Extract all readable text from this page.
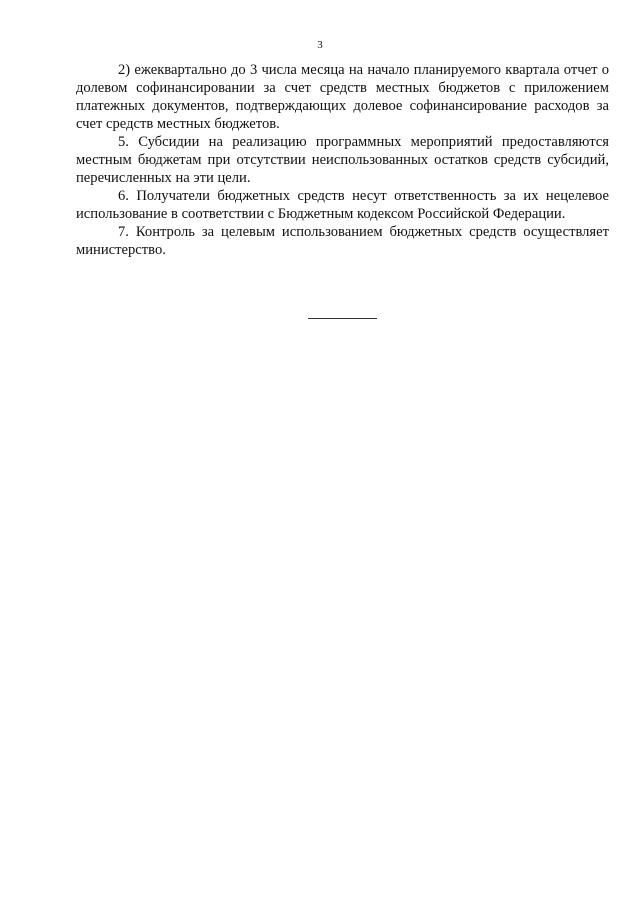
3

2) ежеквартально до 3 числа месяца на начало планируемого квартала отчет о долевом софинансировании за счет средств местных бюджетов с приложением платежных документов, подтверждающих долевое софинансирование расходов за счет средств местных бюджетов.

5. Субсидии на реализацию программных мероприятий предоставляются местным бюджетам при отсутствии неиспользованных остатков средств субсидий, перечисленных на эти цели.

6. Получатели бюджетных средств несут ответственность за их нецелевое использование в соответствии с Бюджетным кодексом Российской Федерации.

7. Контроль за целевым использованием бюджетных средств осуществляет министерство.
